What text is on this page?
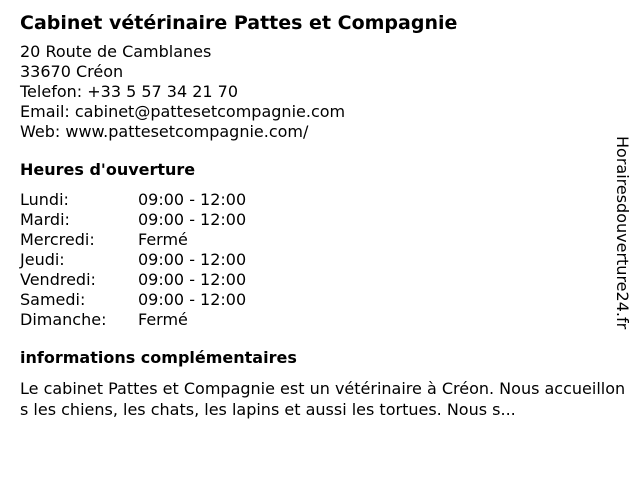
Cabinet vétérinaire Pattes et Compagnie
20 Route de Camblanes
33670 Créon
Telefon: +33 5 57 34 21 70
Email: cabinet@pattesetcompagnie.com
Web: www.pattesetcompagnie.com/
Heures d'ouverture
Lundi:	09:00 - 12:00
Mardi:	09:00 - 12:00
Mercredi:	Fermé
Jeudi:	09:00 - 12:00
Vendredi:	09:00 - 12:00
Samedi:	09:00 - 12:00
Dimanche: Fermé
informations complémentaires
Le cabinet Pattes et Compagnie est un vétérinaire à Créon. Nous accueillons les chiens, les chats, les lapins et aussi les tortues. Nous s...
Horairesdouverture24.fr
